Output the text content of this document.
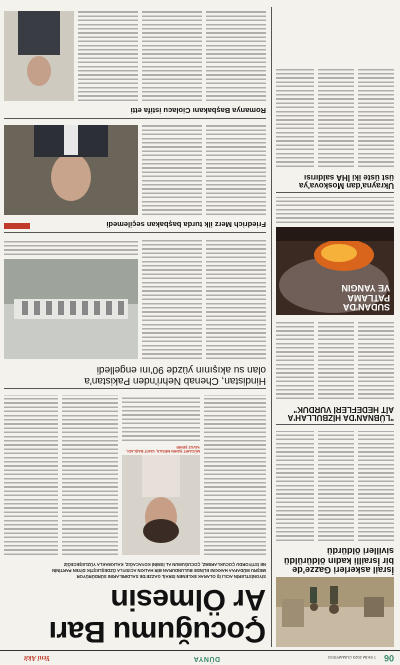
06
7 EKİM 2023 CUMARTESİ
DÜNYA
Yeni Akit
İsrail askerleri Gazze'de
bir İsrailli kadın öldürüldü
sivilleri öldürdü
"LÜBNAN'DA HİZBULLAH'A
AİT HEDEFLERİ VURDUK"
SUDAN'DA
PATLAMA
VE YANGIN
Ukrayna'dan Moskova'ya
üst üste iki İHA saldırısı
Çocuğumu Barı
Ar Ölmesin
SİYONİSTLERİN ACILI İŞ OLARAK EKLENEN İSRAİL GAZZE'DE SALDIRILARINI SÜRDÜRÜYOR
MEŞRU MÜDAFAA HAKKINI ELİNDE BULUNDURAN BİR HALKIN ACISIYLA ÖZDEŞLEŞTİK DİYEN PARTİNİN
NE İSTİYORDU ÇOCUKLARIMIZ, ÇOCUĞUMUN AL İSMİNİ KOYACAĞIZ, KALKMAKLA YÜZLEŞECEĞİZ
MÜCAHİT ŞAHİN MESAJI, VAKİT BAŞLADI, YAVUZ ŞEHİR
Hindistan, Chenab Nehri'nden Pakistan'a
olan su akışının yüzde 90'ını engelledi
Friedrich Merz ilk turda başbakan seçilemedi
Romanya Başbakanı Ciolacu istifa etti
